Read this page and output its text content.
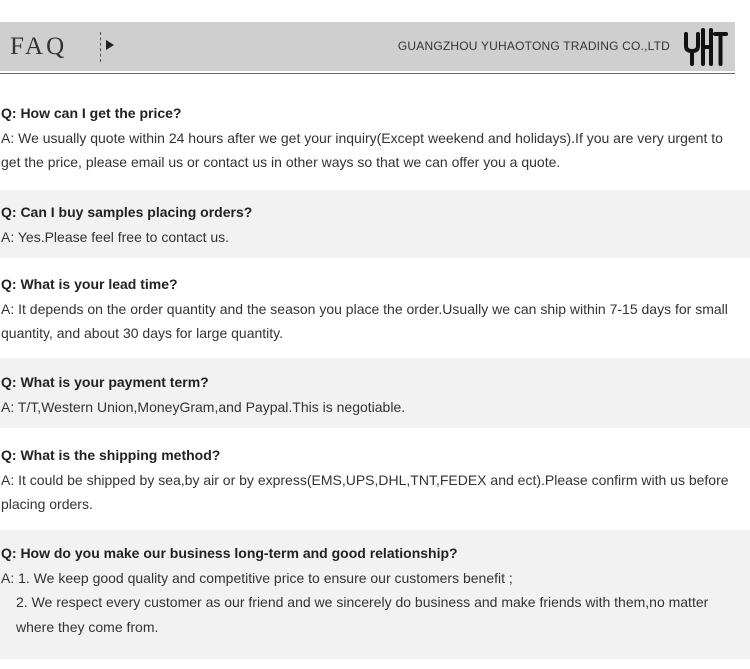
FAQ	GUANGZHOU YUHAOTONG TRADING CO.,LTD
Q: How can I get the price?
A: We usually quote within 24 hours after we get your inquiry(Except weekend and holidays).If you are very urgent to get the price, please email us or contact us in other ways so that we can offer you a quote.
Q: Can I buy samples placing orders?
A: Yes.Please feel free to contact us.
Q: What is your lead time?
A: It depends on the order quantity and the season you place the order.Usually we can ship within 7-15 days for small quantity, and about 30 days for large quantity.
Q: What is your payment term?
A: T/T,Western Union,MoneyGram,and Paypal.This is negotiable.
Q: What is the shipping method?
A: It could be shipped by sea,by air or by express(EMS,UPS,DHL,TNT,FEDEX and ect).Please confirm with us before placing orders.
Q: How do you make our business long-term and good relationship?
A: 1. We keep good quality and competitive price to ensure our customers benefit ;
2. We respect every customer as our friend and we sincerely do business and make friends with them,no matter where they come from.
